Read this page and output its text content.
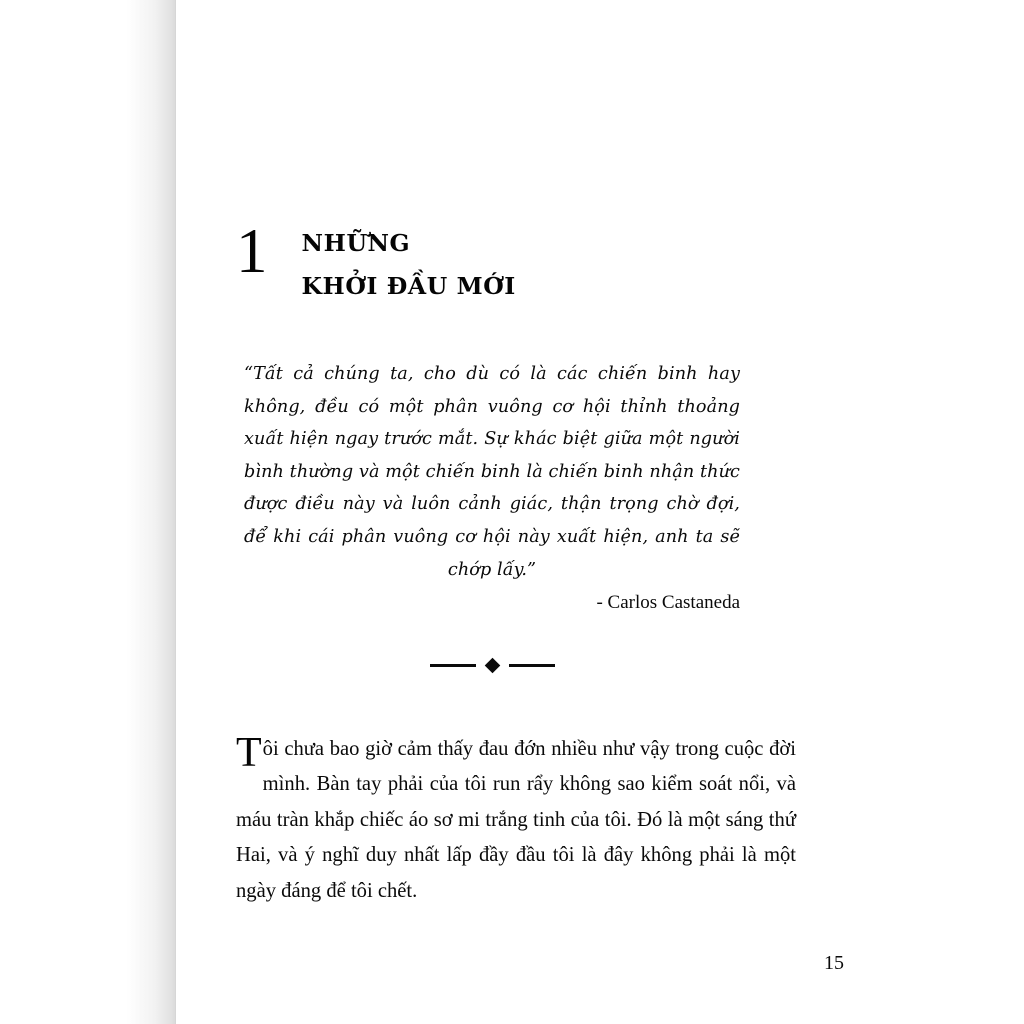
1 NHỮNG
KHỞI ĐẦU MỚI
“Tất cả chúng ta, cho dù có là các chiến binh hay không, đều có một phân vuông cơ hội thỉnh thoảng xuất hiện ngay trước mắt. Sự khác biệt giữa một người bình thường và một chiến binh là chiến binh nhận thức được điều này và luôn cảnh giác, thận trọng chờ đợi, để khi cái phân vuông cơ hội này xuất hiện, anh ta sẽ chớp lấy.”
- Carlos Castaneda
Tôi chưa bao giờ cảm thấy đau đớn nhiều như vậy trong cuộc đời mình. Bàn tay phải của tôi run rẩy không sao kiểm soát nổi, và máu tràn khắp chiếc áo sơ mi trắng tinh của tôi. Đó là một sáng thứ Hai, và ý nghĩ duy nhất lấp đầy đầu tôi là đây không phải là một ngày đáng để tôi chết.
15
